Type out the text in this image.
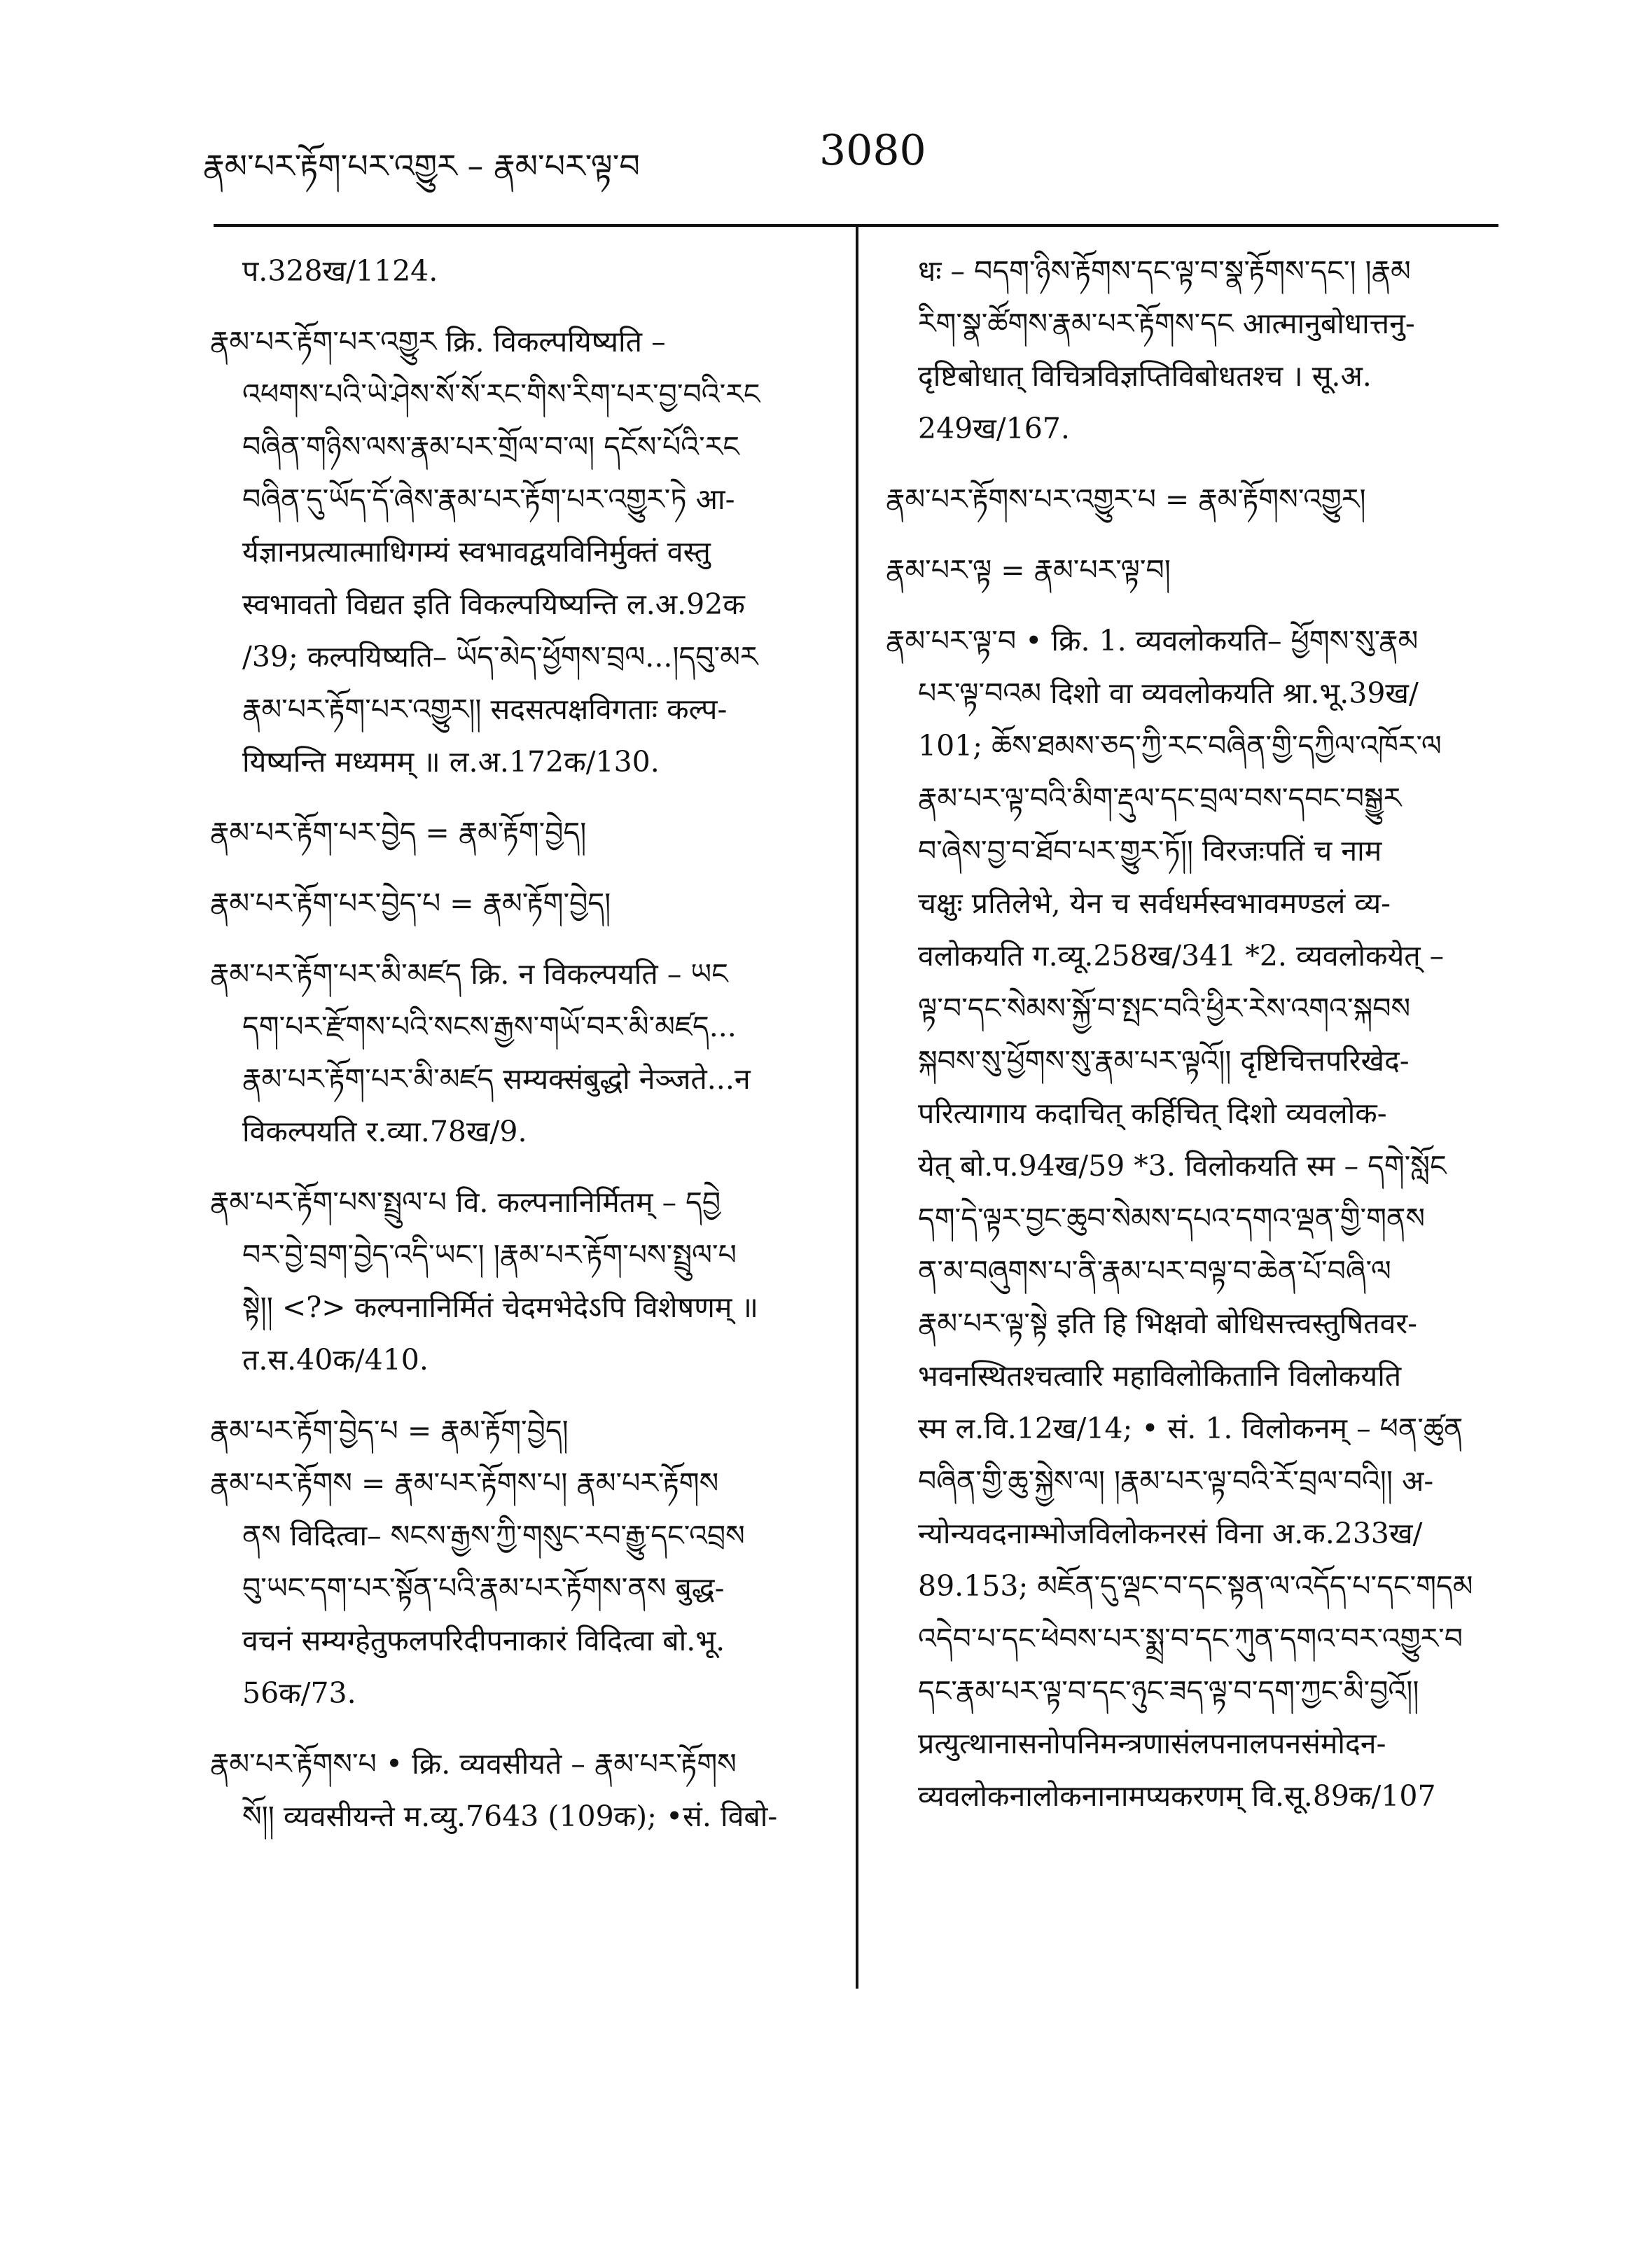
རྣམ་པར་རྟོག་པར་འགྱུར – རྣམ་པར་ལྟ་བ	3080
प.328ख/1124.
རྣམ་པར་རྟོག་པར་འགྱུར क्रि. विकल्पयिष्यति –
འཕགས་པའི་ཡེ་ཤེས་སོ་སོ་རང་གིས་རིག་པར་བྱ་བའི་རང
བཞིན་གཉིས་ལས་རྣམ་པར་གྲོལ་བ་ལ། དངོས་པོའི་རང
བཞིན་དུ་ཡོད་དོ་ཞེས་རྣམ་པར་རྟོག་པར་འགྱུར་ཏེ आ-
र्यज्ञानप्रत्यात्माधिगम्यं स्वभावद्वयविनिर्मुक्तं वस्तु
स्वभावतो विद्यत इति विकल्पयिष्यन्ति ल.अ.92क
/39; कल्पयिष्यति– ཡོད་མེད་ཕྱོགས་བྲལ...།དབུ་མར
རྣམ་པར་རྟོག་པར་འགྱུར།། सदसत्पक्षविगताः कल्प-
यिष्यन्ति मध्यमम् ॥ ल.अ.172क/130.
རྣམ་པར་རྟོག་པར་བྱེད = རྣམ་རྟོག་བྱེད།
རྣམ་པར་རྟོག་པར་བྱེད་པ = རྣམ་རྟོག་བྱེད།
རྣམ་པར་རྟོག་པར་མི་མཛད क्रि. न विकल्पयति – ཡང
དག་པར་རྫོགས་པའི་སངས་རྒྱས་གཡོ་བར་མི་མཛད...
རྣམ་པར་རྟོག་པར་མི་མཛད सम्यक्संबुद्धो नेञ्जते...न
विकल्पयति र.व्या.78ख/9.
རྣམ་པར་རྟོག་པས་སྤྲུལ་པ वि. कल्पनानिर्मितम् – དབྱེ
བར་བྱེ་བྲག་བྱེད་འདི་ཡང་། །རྣམ་པར་རྟོག་པས་སྤྲུལ་པ
སྟེ།། <?> कल्पनानिर्मितं चेदमभेदेऽपि विशेषणम् ॥
त.स.40क/410.
རྣམ་པར་རྟོག་བྱེད་པ = རྣམ་རྟོག་བྱེད།
རྣམ་པར་རྟོགས = རྣམ་པར་རྟོགས་པ། རྣམ་པར་རྟོགས
ནས विदित्वा– སངས་རྒྱས་ཀྱི་གསུང་རབ་རྒྱུ་དང་འབྲས
བུ་ཡང་དག་པར་སྟོན་པའི་རྣམ་པར་རྟོགས་ནས बुद्ध-
वचनं सम्यग्हेतुफलपरिदीपनाकारं विदित्वा बो.भू.
56क/73.
རྣམ་པར་རྟོགས་པ • क्रि. व्यवसीयते – རྣམ་པར་རྟོགས
སོ།། व्यवसीयन्ते म.व्यु.7643 (109क); •सं. विबो-
धः – བདག་ཉིས་རྟོགས་དང་ལྟ་བ་སྣ་རྟོགས་དང་། །རྣམ
རིག་སྣ་ཚོགས་རྣམ་པར་རྟོགས་དང आत्मानुबोधात्तनु-
दृष्टिबोधात् विचित्रविज्ञप्तिविबोधतश्च । सू.अ.
249ख/167.
རྣམ་པར་རྟོགས་པར་འགྱུར་པ = རྣམ་རྟོགས་འགྱུར།
རྣམ་པར་ལྟ = རྣམ་པར་ལྟ་བ།
རྣམ་པར་ལྟ་བ • क्रि. 1. व्यवलोकयति– ཕྱོགས་སུ་རྣམ
པར་ལྟ་བའམ दिशो वा व्यवलोकयति श्रा.भू.39ख/
101; ཆོས་ཐམས་ཅད་ཀྱི་རང་བཞིན་གྱི་དཀྱིལ་འཁོར་ལ
རྣམ་པར་ལྟ་བའི་མིག་རྡུལ་དང་བྲལ་བས་དབང་བསྒྱུར
བ་ཞེས་བྱ་བ་ཐོབ་པར་གྱུར་ཏོ།། विरजःपतिं च नाम
चक्षुः प्रतिलेभे, येन च सर्वधर्मस्वभावमण्डलं व्य-
वलोकयति ग.व्यू.258ख/341 *2. व्यवलोकयेत् –
ལྟ་བ་དང་སེམས་སྐྱོ་བ་སྤང་བའི་ཕྱིར་རེས་འགའ་སྐབས
སྐབས་སུ་ཕྱོགས་སུ་རྣམ་པར་ལྟའོ།། दृष्टिचित्तपरिखेद-
परित्यागाय कदाचित् कर्हिचित् दिशो व्यवलोक-
येत् बो.प.94ख/59 *3. विलोकयति स्म – དགེ་སློང
དག་དེ་ལྟར་བྱང་ཆུབ་སེམས་དཔའ་དགའ་ལྡན་གྱི་གནས
ན་མ་བཞུགས་པ་ནི་རྣམ་པར་བལྟ་བ་ཆེན་པོ་བཞི་ལ
རྣམ་པར་ལྟ་སྟེ इति हि भिक्षवो बोधिसत्त्वस्तुषितवर-
भवनस्थितश्चत्वारि महाविलोकितानि विलोकयति
स्म ल.वि.12ख/14; • सं. 1. विलोकनम् – ཕན་ཚུན
བཞིན་གྱི་ཆུ་སྐྱེས་ལ། །རྣམ་པར་ལྟ་བའི་རོ་བྲལ་བའི།། अ-
न्योन्यवदनाम्भोजविलोकनरसं विना अ.क.233ख/
89.153; མཇོན་དུ་ལྡང་བ་དང་སྟན་ལ་འདོད་པ་དང་གདམ
འདེབ་པ་དང་ཕེབས་པར་སྨྲ་བ་དང་ཀུན་དགའ་བར་འགྱུར་བ
དང་རྣམ་པར་ལྟ་བ་དང་ཉུང་ཟད་ལྟ་བ་དག་ཀྱང་མི་བྱའོ།།
प्रत्युत्थानासनोपनिमन्त्रणासंलपनालपनसंमोदन-
व्यवलोकनालोकनानामप्यकरणम् वि.सू.89क/107
